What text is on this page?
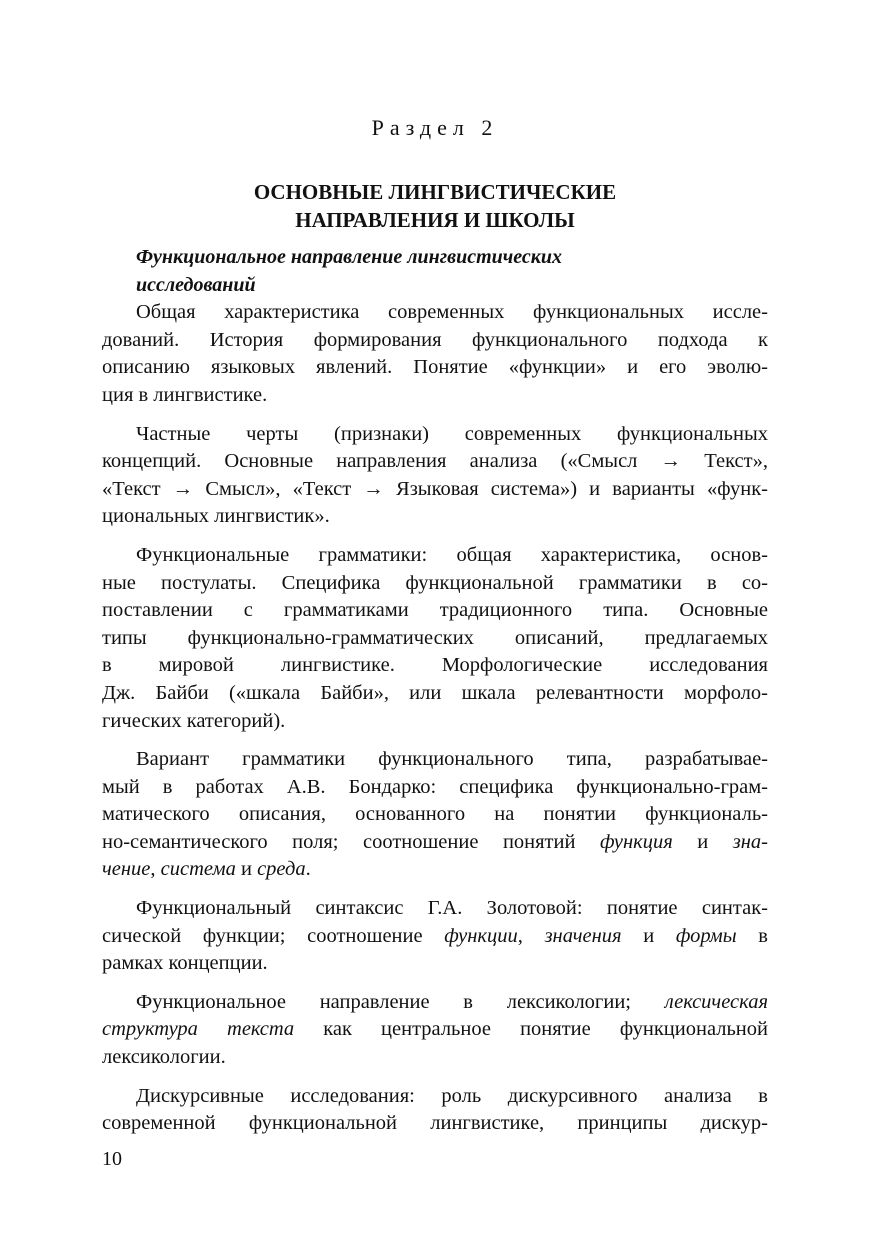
Раздел 2
ОСНОВНЫЕ ЛИНГВИСТИЧЕСКИЕ
НАПРАВЛЕНИЯ И ШКОЛЫ
Функциональное направление лингвистических
исследований

Общая характеристика современных функциональных иссле-
дований. История формирования функционального подхода к
описанию языковых явлений. Понятие «функции» и его эволю-
ция в лингвистике.

Частные черты (признаки) современных функциональных
концепций. Основные направления анализа («Смысл → Текст»,
«Текст → Смысл», «Текст → Языковая система») и варианты «функ-
циональных лингвистик».

Функциональные грамматики: общая характеристика, основ-
ные постулаты. Специфика функциональной грамматики в со-
поставлении с грамматиками традиционного типа. Основные
типы функционально-грамматических описаний, предлагаемых
в мировой лингвистике. Морфологические исследования
Дж. Байби («шкала Байби», или шкала релевантности морфоло-
гических категорий).

Вариант грамматики функционального типа, разрабатывае-
мый в работах А.В. Бондарко: специфика функционально-грам-
матического описания, основанного на понятии функциональ-
но-семантического поля; соотношение понятий функция и зна-
чение, система и среда.

Функциональный синтаксис Г.А. Золотовой: понятие синтак-
сической функции; соотношение функции, значения и формы в
рамках концепции.

Функциональное направление в лексикологии; лексическая
структура текста как центральное понятие функциональной
лексикологии.

Дискурсивные исследования: роль дискурсивного анализа в
современной функциональной лингвистике, принципы дискур-

10
